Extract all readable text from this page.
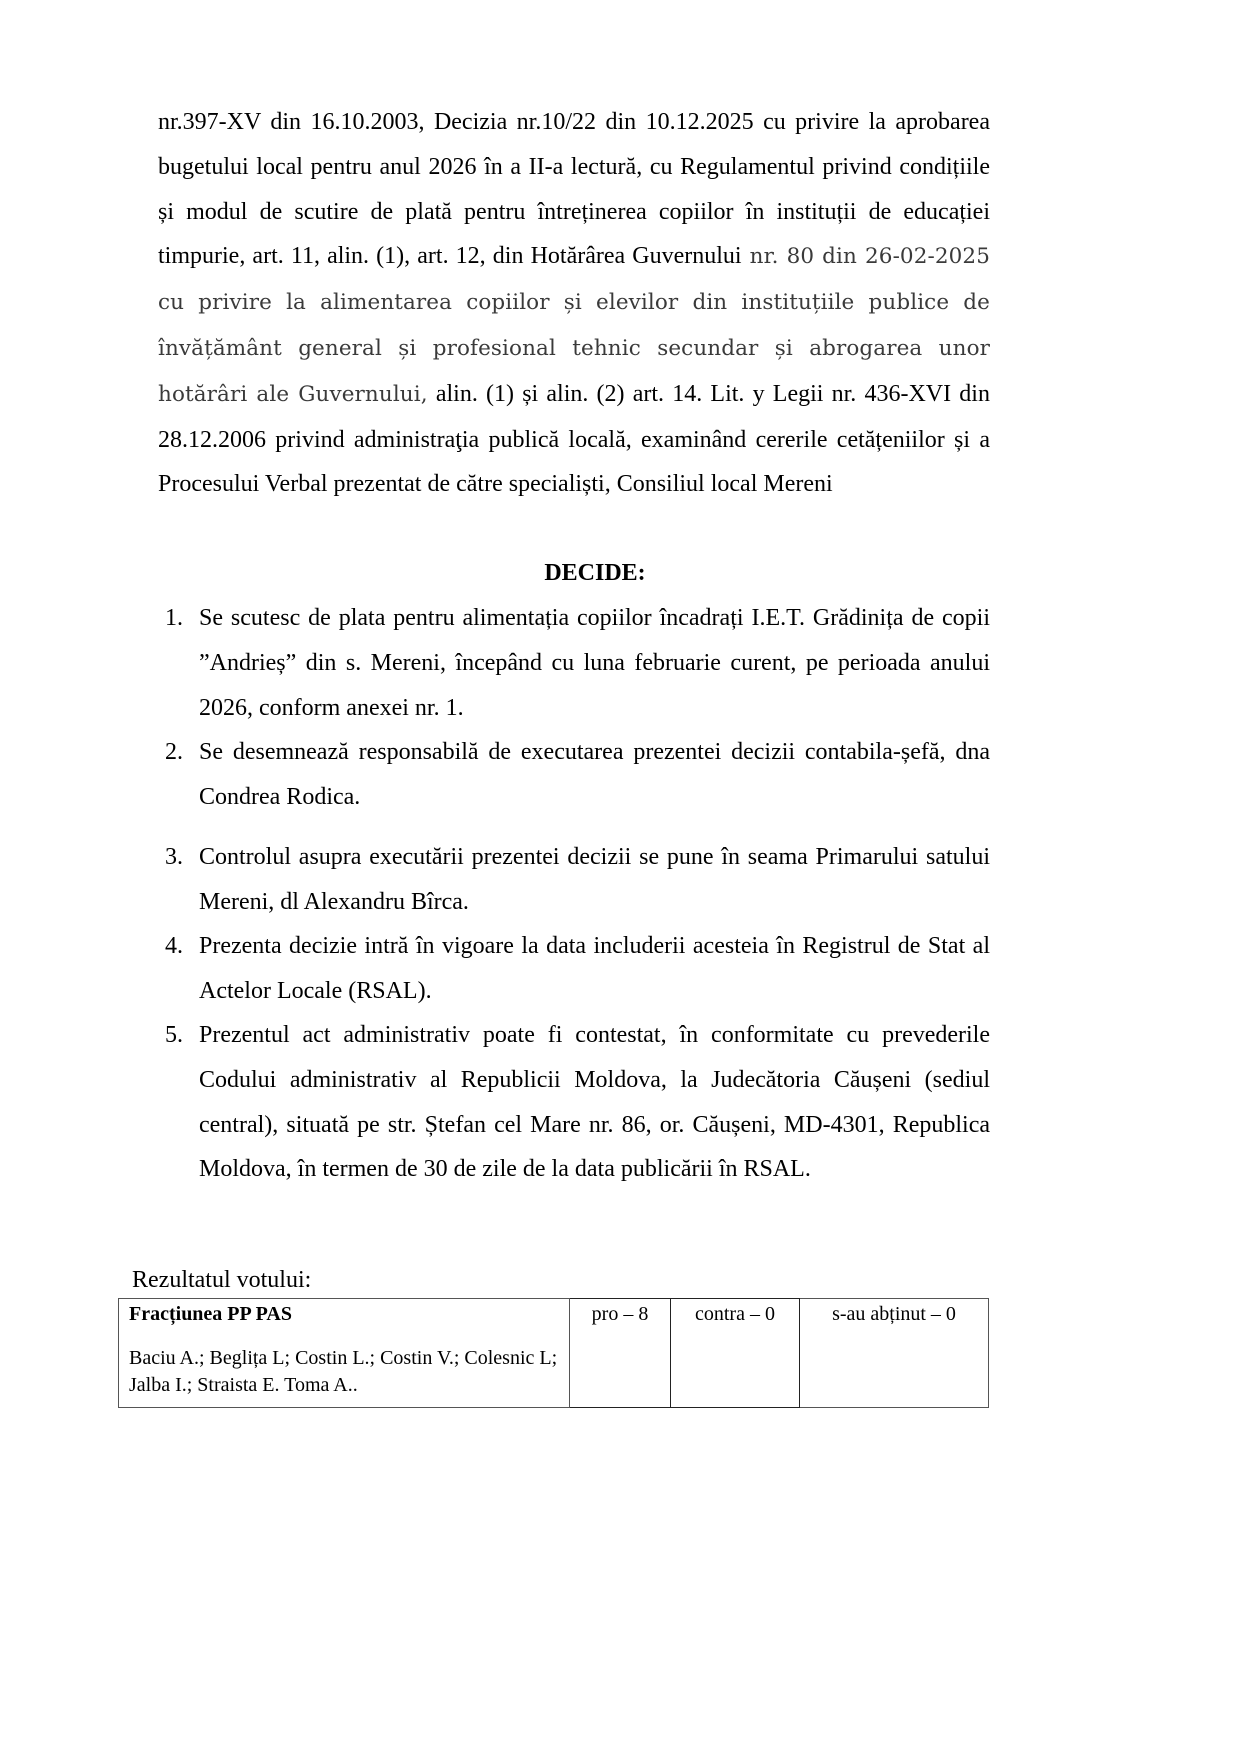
nr.397-XV din 16.10.2003, Decizia nr.10/22 din 10.12.2025 cu privire la aprobarea bugetului local pentru anul 2026 în a II-a lectură, cu Regulamentul privind condițiile și modul de scutire de plată pentru întreținerea copiilor în instituții de educației timpurie, art. 11, alin. (1), art. 12, din Hotărârea Guvernului nr. 80 din 26-02-2025 cu privire la alimentarea copiilor și elevilor din instituțiile publice de învățământ general și profesional tehnic secundar și abrogarea unor hotărâri ale Guvernului, alin. (1) și alin. (2) art. 14. Lit. y Legii nr. 436-XVI din 28.12.2006 privind administraţia publică locală, examinând cererile cetățeniilor și a Procesului Verbal prezentat de către specialiști, Consiliul local Mereni
DECIDE:
1. Se scutesc de plata pentru alimentația copiilor încadrați I.E.T. Grădinița de copii ”Andrieș” din s. Mereni, începând cu luna februarie curent, pe perioada anului 2026, conform anexei nr. 1.
2. Se desemnează responsabilă de executarea prezentei decizii contabila-șefă, dna Condrea Rodica.
3. Controlul asupra executării prezentei decizii se pune în seama Primarului satului Mereni, dl Alexandru Bîrca.
4. Prezenta decizie intră în vigoare la data includerii acesteia în Registrul de Stat al Actelor Locale (RSAL).
5. Prezentul act administrativ poate fi contestat, în conformitate cu prevederile Codului administrativ al Republicii Moldova, la Judecătoria Căușeni (sediul central), situată pe str. Ștefan cel Mare nr. 86, or. Căușeni, MD-4301, Republica Moldova, în termen de 30 de zile de la data publicării în RSAL.
Rezultatul votului:
Fracțiunea PP PAS
Baciu A.; Beglița L; Costin L.; Costin V.; Colesnic L; Jalba I.; Straista E. Toma A..
	pro – 8	contra – 0	s-au abținut – 0
